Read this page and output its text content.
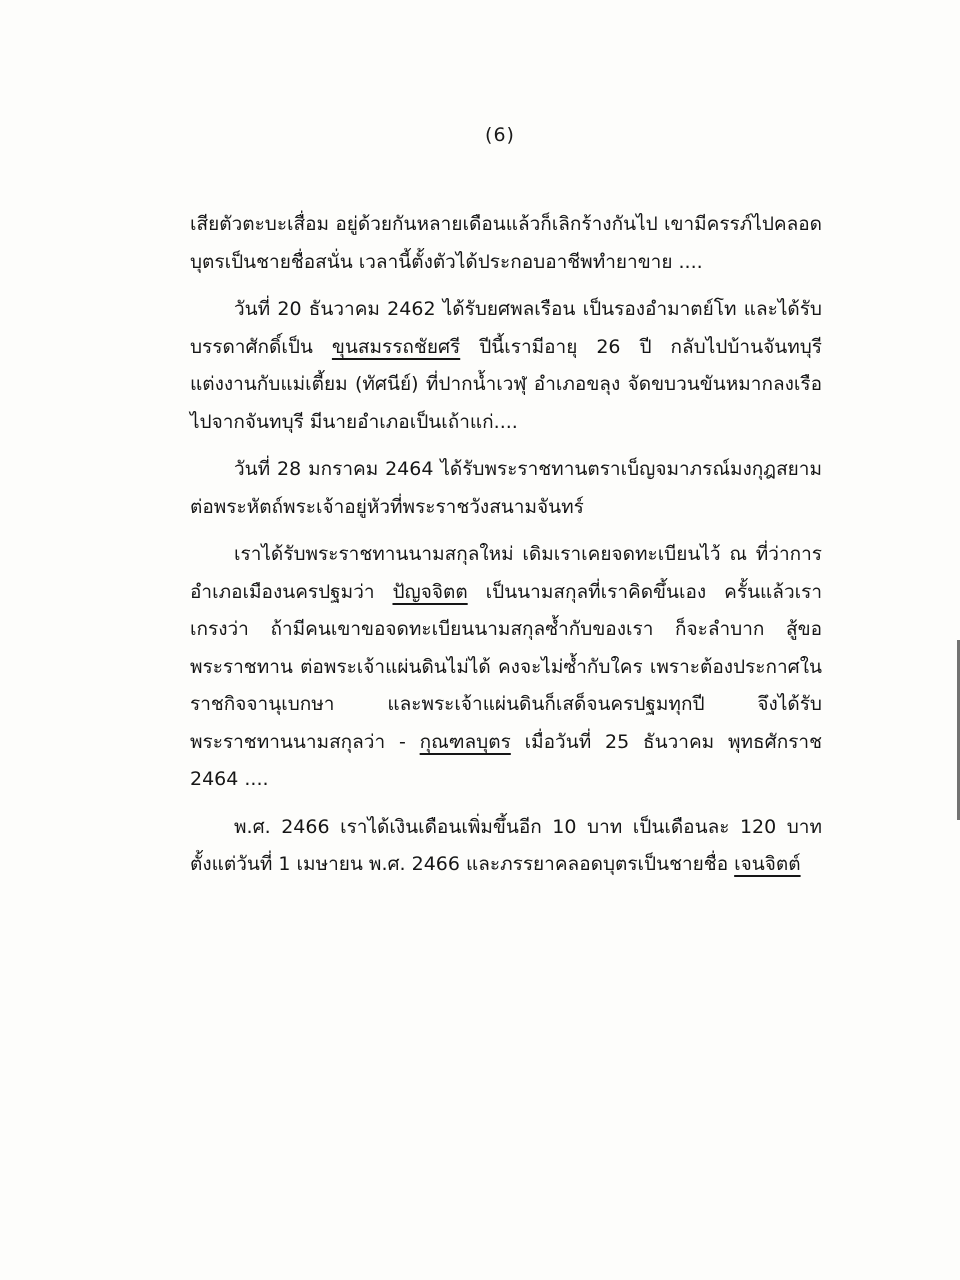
(6)

เสียตัวตะบะเสื่อม อยู่ด้วยกันหลายเดือนแล้วก็เลิกร้างกันไป เขามีครรภ์ไปคลอดบุตรเป็นชายชื่อสนั่น เวลานี้ตั้งตัวได้ประกอบอาชีพทำยาขาย ....

วันที่ 20 ธันวาคม 2462 ได้รับยศพลเรือน เป็นรองอำมาตย์โท และได้รับบรรดาศักดิ์เป็น ขุนสมรรถชัยศรี ปีนี้เรามีอายุ 26 ปี กลับไปบ้านจันทบุรี แต่งงานกับแม่เตี้ยม (ทัศนีย์) ที่ปากน้ำเวฬุ อำเภอขลุง จัดขบวนขันหมากลงเรือไปจากจันทบุรี มีนายอำเภอเป็นเถ้าแก่....

วันที่ 28 มกราคม 2464 ได้รับพระราชทานตราเบ็ญจมาภรณ์มงกุฎสยาม ต่อพระหัตถ์พระเจ้าอยู่หัวที่พระราชวังสนามจันทร์

เราได้รับพระราชทานนามสกุลใหม่ เดิมเราเคยจดทะเบียนไว้ ณ ที่ว่าการอำเภอเมืองนครปฐมว่า ปัญจจิตต เป็นนามสกุลที่เราคิดขึ้นเอง ครั้นแล้วเราเกรงว่า ถ้ามีคนเขาขอจดทะเบียนนามสกุลซ้ำกับของเรา ก็จะลำบาก สู้ขอพระราชทาน ต่อพระเจ้าแผ่นดินไม่ได้ คงจะไม่ซ้ำกับใคร เพราะต้องประกาศในราชกิจจานุเบกษา และพระเจ้าแผ่นดินก็เสด็จนครปฐมทุกปี จึงได้รับพระราชทานนามสกุลว่า - กุณฑลบุตร เมื่อวันที่ 25 ธันวาคม พุทธศักราช 2464 ....

พ.ศ. 2466 เราได้เงินเดือนเพิ่มขึ้นอีก 10 บาท เป็นเดือนละ 120 บาท ตั้งแต่วันที่ 1 เมษายน พ.ศ. 2466 และภรรยาคลอดบุตรเป็นชายชื่อ เจนจิตต์
